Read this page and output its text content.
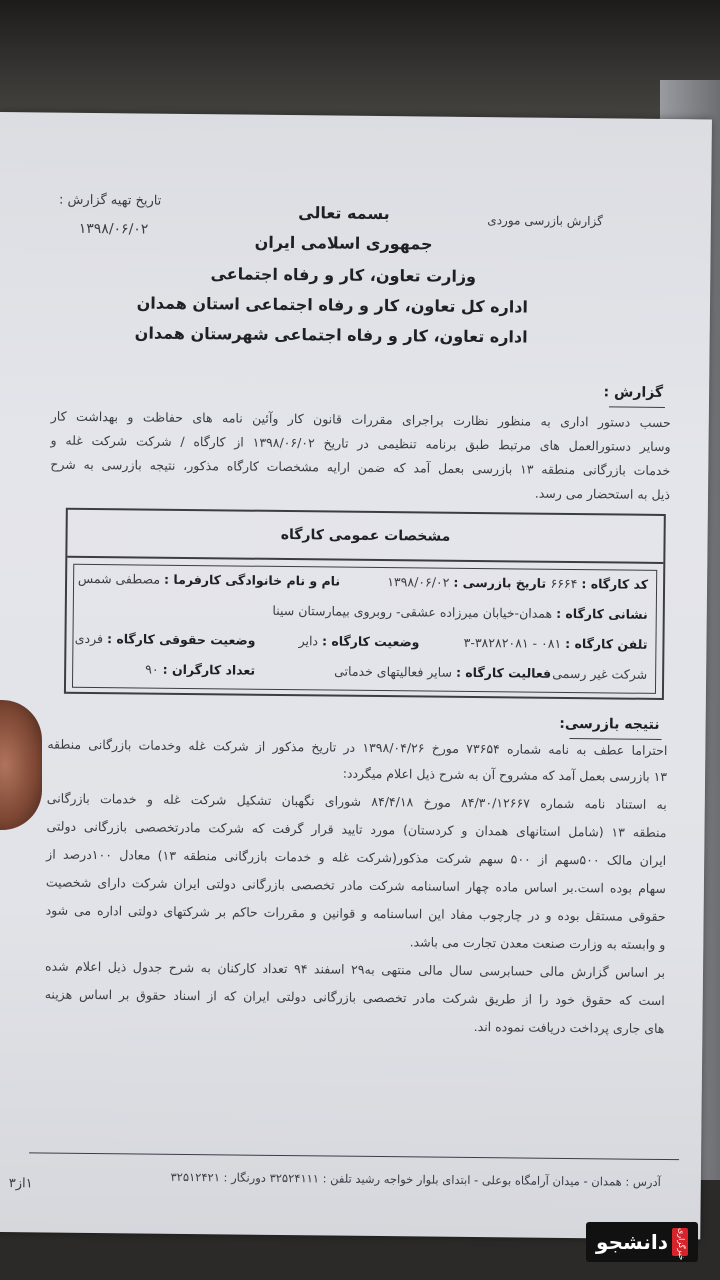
گزارش بازرسی موردی
تاریخ تهیه گزارش :
۱۳۹۸/۰۶/۰۲
بسمه تعالی
جمهوری اسلامی ایران
وزارت تعاون، کار و رفاه اجتماعی
اداره کل تعاون، کار و رفاه اجتماعی استان همدان
اداره تعاون، کار و رفاه اجتماعی شهرستان همدان
گزارش :
حسب دستور اداری به منظور نظارت براجرای مقررات قانون کار وآئین نامه های حفاظت و بهداشت کار
وسایر دستورالعمل های مرتبط طبق برنامه تنظیمی در تاریخ ۱۳۹۸/۰۶/۰۲ از کارگاه / شرکت شرکت غله و
خدمات بازرگانی منطقه ۱۳ بازرسی بعمل آمد که ضمن ارایه مشخصات کارگاه مذکور، نتیجه بازرسی به شرح
ذیل به استحضار می رسد.
مشخصات عمومی کارگاه
کد کارگاه : ۶۶۶۴
تاریخ بازرسی : ۱۳۹۸/۰۶/۰۲
نام و نام خانوادگی کارفرما : مصطفی شمس
نشانی کارگاه : همدان-خیابان میرزاده عشقی- روبروی بیمارستان سینا
تلفن کارگاه : ۰۸۱ - ۳۸۲۸۲۰۸۱-۳
وضعیت کارگاه : دایر
وضعیت حقوقی کارگاه : فردی
شرکت غیر رسمی
فعالیت کارگاه : سایر فعالیتهای خدماتی
تعداد کارگران : ۹۰
نتیجه بازرسی:
احتراما عطف به نامه شماره ۷۳۶۵۴ مورخ ۱۳۹۸/۰۴/۲۶ در تاریخ مذکور از شرکت غله وخدمات بازرگانی منطقه
۱۳ بازرسی بعمل آمد که مشروح آن به شرح ذیل اعلام میگردد:
به استناد نامه شماره ۸۴/۳۰/۱۲۶۶۷ مورخ ۸۴/۴/۱۸ شورای نگهبان تشکیل شرکت غله و خدمات بازرگانی
منطقه ۱۳ (شامل استانهای همدان و کردستان) مورد تایید قرار گرفت که شرکت مادرتخصصی بازرگانی دولتی
ایران مالک ۵۰۰سهم از ۵۰۰ سهم شرکت مذکور(شرکت غله و خدمات بازرگانی منطقه ۱۳) معادل ۱۰۰درصد از
سهام بوده است.بر اساس ماده چهار اساسنامه شرکت مادر تخصصی بازرگانی دولتی ایران شرکت دارای شخصیت
حقوقی مستقل بوده و در چارچوب مفاد این اساسنامه و قوانین و مقررات حاکم بر شرکتهای دولتی اداره می شود
و وابسته به وزارت صنعت معدن تجارت می باشد.
بر اساس گزارش مالی حسابرسی سال مالی منتهی به۲۹ اسفند ۹۴ تعداد کارکنان به شرح جدول ذیل اعلام شده
است که حقوق خود را از طریق شرکت مادر تخصصی بازرگانی دولتی ایران که از اسناد حقوق بر اساس هزینه
های جاری پرداخت دریافت نموده اند.
آدرس : همدان - میدان آرامگاه بوعلی - ابتدای بلوار خواجه رشید تلفن : ۳۲۵۲۴۱۱۱ دورنگار : ۳۲۵۱۲۴۲۱
۱از۳
دانشجو	خبرگزاری
